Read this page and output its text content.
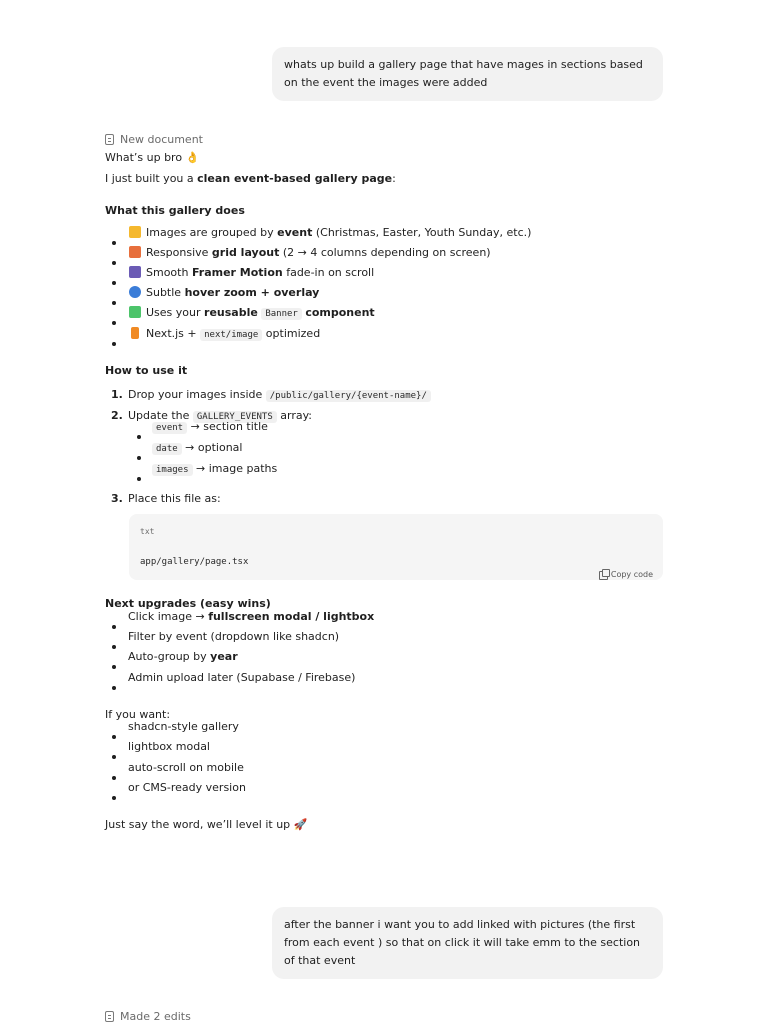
whats up build a gallery page that have mages in sections based on the event the images were added
New document
What’s up bro 👌
I just built you a clean event-based gallery page:
What this gallery does
Images are grouped by event (Christmas, Easter, Youth Sunday, etc.)
Responsive grid layout (2 → 4 columns depending on screen)
Smooth Framer Motion fade-in on scroll
Subtle hover zoom + overlay
Uses your reusable Banner component
Next.js + next/image optimized
How to use it
1. Drop your images inside /public/gallery/{event-name}/
2. Update the GALLERY_EVENTS array:
event → section title
date → optional
images → image paths
3. Place this file as:
txt
app/gallery/page.tsx
Copy code
Next upgrades (easy wins)
Click image → fullscreen modal / lightbox
Filter by event (dropdown like shadcn)
Auto-group by year
Admin upload later (Supabase / Firebase)
If you want:
shadcn-style gallery
lightbox modal
auto-scroll on mobile
or CMS-ready version
Just say the word, we’ll level it up 🚀
after the banner i want you to add linked with pictures (the first from each event ) so that on click it will take emm to the section of that event
Made 2 edits
